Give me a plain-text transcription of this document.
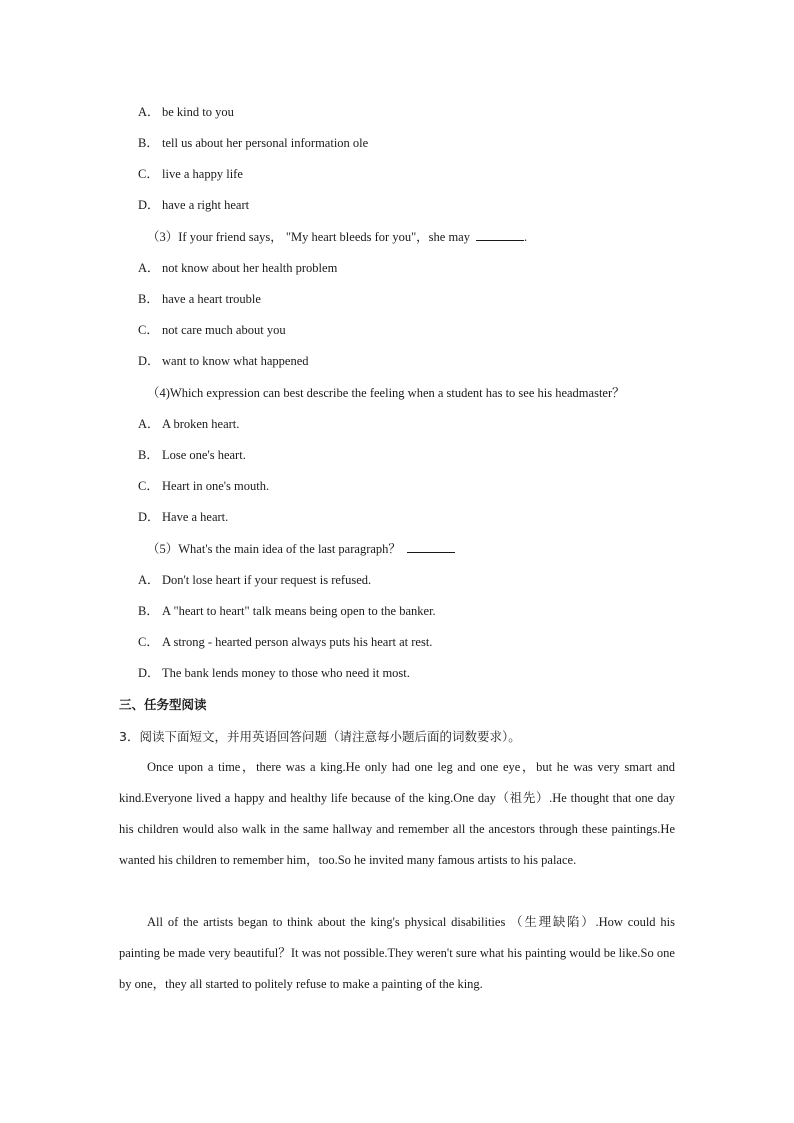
A． be kind to you
B． tell us about her personal information ole
C． live a happy life
D． have a right heart
（3）If your friend says， "My heart bleeds for you"，she may	.
A． not know about her health problem
B． have a heart trouble
C． not care much about you
D． want to know what happened
（4)Which expression can best describe the feeling when a student has to see his headmaster？
A． A broken heart.
B． Lose one's heart.
C． Heart in one's mouth.
D． Have a heart.
（5）What's the main idea of the last paragraph？
A． Don't lose heart if your request is refused.
B． A "heart to heart" talk means being open to the banker.
C． A strong - hearted person always puts his heart at rest.
D． The bank lends money to those who need it most.
三、任务型阅读
3．阅读下面短文，并用英语回答问题（请注意每小题后面的词数要求）。
Once upon a time，there was a king.He only had one leg and one eye，but he was very smart and kind.Everyone lived a happy and healthy life because of the king.One day（祖先）.He thought that one day his children would also walk in the same hallway and remember all the ancestors through these paintings.He wanted his children to remember him，too.So he invited many famous artists to his palace.
All of the artists began to think about the king's physical disabilities （生理缺陷）.How could his painting be made very beautiful？It was not possible.They weren't sure what his painting would be like.So one by one，they all started to politely refuse to make a painting of the king.
